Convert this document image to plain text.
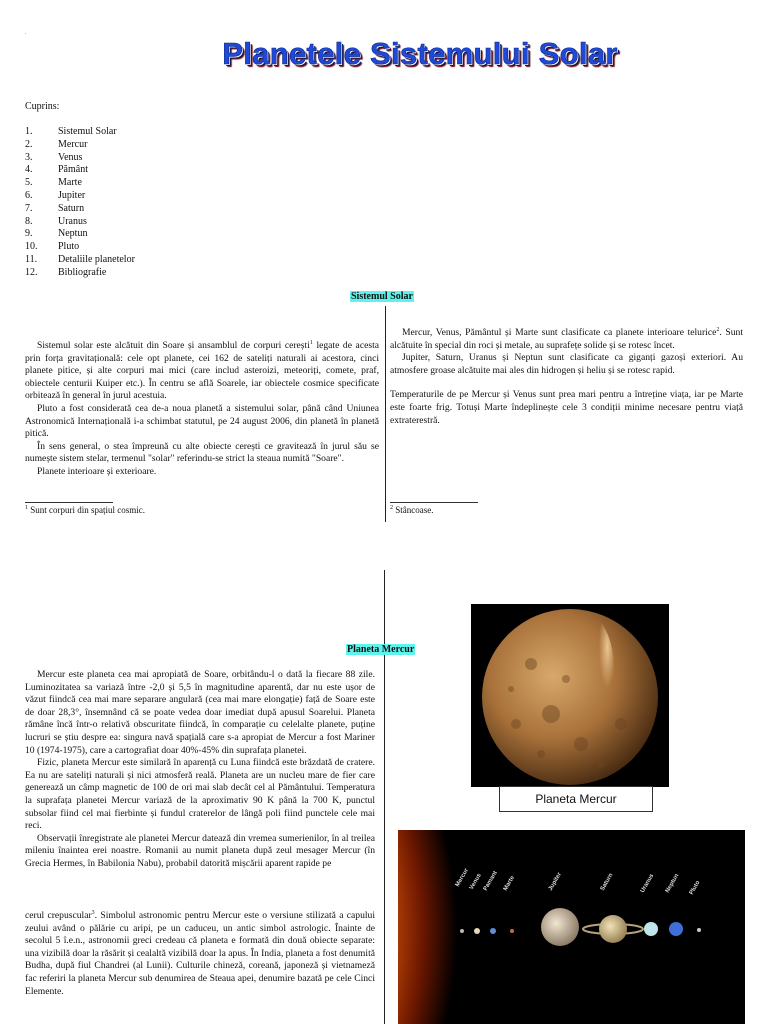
.
Planetele Sistemului Solar
Cuprins:
1.	Sistemul Solar
2.	Mercur
3.	Venus
4.	Pământ
5.	Marte
6.	Jupiter
7.	Saturn
8.	Uranus
9.	Neptun
10.	Pluto
11.	Detaliile planetelor
12.	Bibliografie
Sistemul Solar

Sistemul solar este alcătuit din Soare și ansamblul de corpuri cerești$^1$ legate de acesta prin forța gravitațională: cele opt planete, cei 162 de sateliți naturali ai acestora, cinci planete pitice, și alte corpuri mai mici (care includ asteroizi, meteoriți, comete, praf, obiectele centurii Kuiper etc.). În centru se află Soarele, iar obiectele cosmice specificate orbitează în general în jurul acestuia.

Pluto a fost considerată cea de-a noua planetă a sistemului solar, până când Uniunea Astronomică Internațională i-a schimbat statutul, pe 24 august 2006, din planetă în planetă pitică.

În sens general, o stea împreună cu alte obiecte cerești ce gravitează în jurul său se numește sistem stelar, termenul "solar" referindu-se strict la steaua numită "Soare".

Planete interioare și exterioare.

Mercur, Venus, Pământul și Marte sunt clasificate ca planete interioare telurice$^2$. Sunt alcătuite în special din roci și metale, au suprafețe solide și se rotesc încet.

Jupiter, Saturn, Uranus și Neptun sunt clasificate ca giganți gazoși exteriori. Au atmosfere groase alcătuite mai ales din hidrogen și heliu și se rotesc rapid.

Temperaturile de pe Mercur și Venus sunt prea mari pentru a întreține viața, iar pe Marte este foarte frig. Totuși Marte îndeplinește cele 3 condiții minime necesare pentru viață extraterestră.

$^1$ Sunt corpuri din spațiul cosmic.	$^2$ Stâncoase.
Planeta Mercur

Mercur este planeta cea mai apropiată de Soare, orbitându-l o dată la fiecare 88 zile. Luminozitatea sa variază între -2,0 și 5,5 în magnitudine aparentă, dar nu este ușor de văzut fiindcă cea mai mare separare angulară (cea mai mare elongație) față de Soare este de doar 28,3°, însemnând că se poate vedea doar imediat după apusul Soarelui. Planeta rămâne încă într-o relativă obscuritate fiindcă, în comparație cu celelalte planete, puține lucruri se știu despre ea: singura navă spațială care s-a apropiat de Mercur a fost Mariner 10 (1974-1975), care a cartografiat doar 40%-45% din suprafața planetei.

Fizic, planeta Mercur este similară în aparență cu Luna fiindcă este brăzdată de cratere. Ea nu are sateliți naturali și nici atmosferă reală. Planeta are un nucleu mare de fier care generează un câmp magnetic de 100 de ori mai slab decât cel al Pământului. Temperatura la suprafața planetei Mercur variază de la aproximativ 90 K până la 700 K, punctul subsolar fiind cel mai fierbinte și fundul craterelor de lângă poli fiind punctele cele mai reci.

Observații înregistrate ale planetei Mercur datează din vremea sumerienilor, în al treilea mileniu înaintea erei noastre. Romanii au numit planeta după zeul mesager Mercur (în Grecia Hermes, în Babilonia Nabu), probabil datorită mișcării aparent rapide pe

cerul crepuscular$^3$. Simbolul astronomic pentru Mercur este o versiune stilizată a capului zeului având o pălărie cu aripi, pe un caduceu, un antic simbol astrologic. Înainte de secolul 5 î.e.n., astronomii greci credeau că planeta e formată din două obiecte separate: una vizibilă doar la răsărit și cealaltă vizibilă doar la apus. În India, planeta a fost denumită Budha, după fiul Chandrei (al Lunii). Culturile chineză, coreană, japoneză și vietnameză fac referiri la planeta Mercur sub denumirea de Steaua apei, denumire bazată pe cele Cinci Elemente.

Planeta Mercur
Mercur
Venus Pamant Marte	Jupiter	Saturn	Uranus Neptun Pluto
